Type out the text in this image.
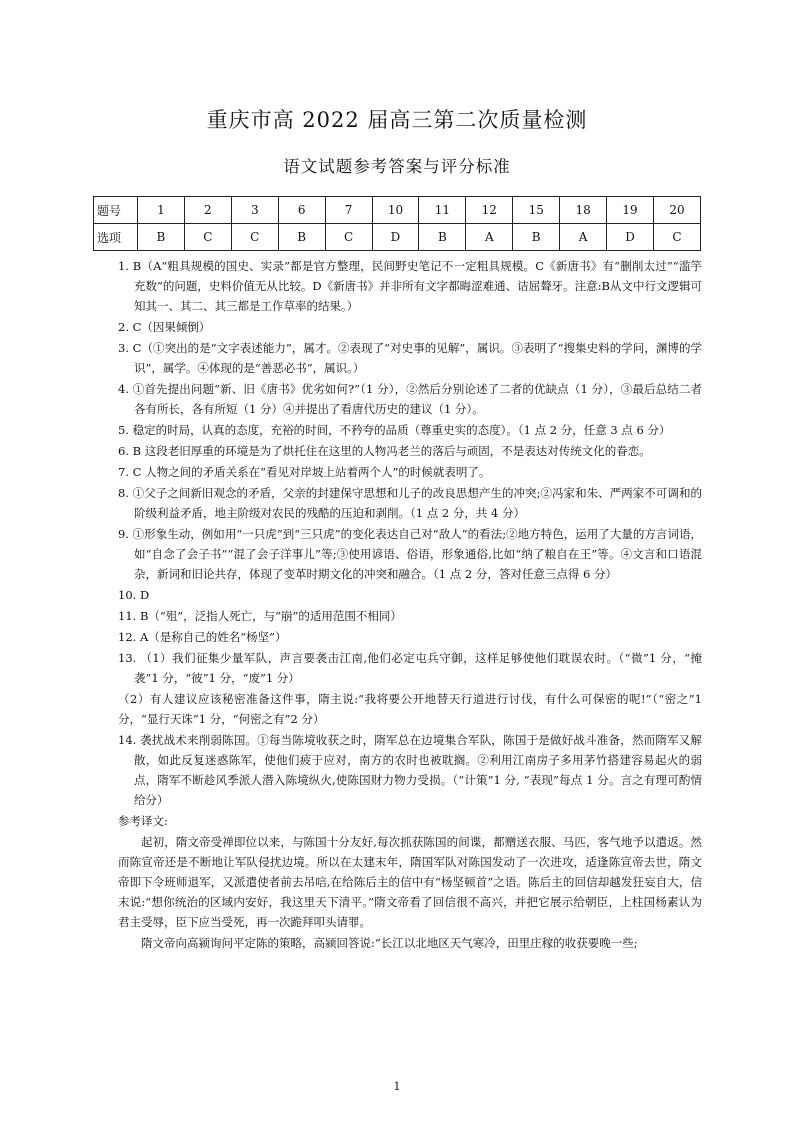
重庆市高 2022 届高三第二次质量检测
语文试题参考答案与评分标准
题号	1	2	3	6	7	10	11	12	15	18	19	20
选项	B	C	C	B	C	D	B	A	B	A	D	C

1. B（A“粗具规模的国史、实录”都是官方整理，民间野史笔记不一定粗具规模。C《新唐书》有“删削太过”“滥竽充数”的问题，史料价值无从比较。D《新唐书》并非所有文字都晦涩难通、诘屈聱牙。注意:B从文中行文逻辑可知其一、其二、其三都是工作草率的结果。）

2. C（因果倾倒）

3. C（①突出的是“文字表述能力”，属才。②表现了“对史事的见解”，属识。③表明了“搜集史料的学问，渊博的学识”，属学。④体现的是“善恶必书”，属识。）

4. ①首先提出问题“新、旧《唐书》优劣如何?”（1 分），②然后分别论述了二者的优缺点（1 分），③最后总结二者各有所长，各有所短（1 分）④并提出了看唐代历史的建议（1 分）。

5. 稳定的时局，认真的态度，充裕的时间，不矜夸的品质（尊重史实的态度）。（1 点 2 分，任意 3 点 6 分）

6. B 这段老旧厚重的环境是为了烘托住在这里的人物冯老兰的落后与顽固，不是表达对传统文化的眷恋。

7. C 人物之间的矛盾关系在“看见对岸坡上站着两个人”的时候就表明了。

8. ①父子之间新旧观念的矛盾，父亲的封建保守思想和儿子的改良思想产生的冲突;②冯家和朱、严两家不可调和的阶级利益矛盾，地主阶级对农民的残酷的压迫和剥削。（1 点 2 分，共 4 分）

9. ①形象生动，例如用“一只虎”到“三只虎”的变化表达自己对“敌人”的看法;②地方特色，运用了大量的方言词语，如“自念了会子书”“混了会子洋事儿”等;③使用谚语、俗语，形象通俗,比如“纳了粮自在王”等。④文言和口语混杂，新词和旧论共存，体现了变革时期文化的冲突和融合。（1 点 2 分，答对任意三点得 6 分）

10. D

11. B（“殂”，泛指人死亡，与“崩”的适用范围不相同）

12. A（是称自己的姓名“杨坚”）

13. （1）我们征集少量军队，声言要袭击江南,他们必定屯兵守御，这样足够使他们耽误农时。（“微”1 分，“掩袭”1 分，“彼”1 分，“废”1 分）

（2）有人建议应该秘密准备这件事，隋主说:“我将要公开地替天行道进行讨伐，有什么可保密的呢!”（“密之”1 分，“显行天诛”1 分，“何密之有”2 分）

14. 袭扰战术来削弱陈国。①每当陈境收获之时，隋军总在边境集合军队，陈国于是做好战斗准备，然而隋军又解散，如此反复迷惑陈军，使他们疲于应对，南方的农时也被耽搁。②利用江南房子多用茅竹搭建容易起火的弱点，隋军不断趁风季派人潜入陈境纵火,使陈国财力物力受损。（“计策”1 分, “表现”每点 1 分。言之有理可酌情给分）

参考译文:

起初，隋文帝受禅即位以来，与陈国十分友好,每次抓获陈国的间谍，都赠送衣服、马匹，客气地予以遣返。然而陈宣帝还是不断地让军队侵扰边境。所以在太建末年，隋国军队对陈国发动了一次进攻，适逢陈宣帝去世，隋文帝即下令班师退军，又派遣使者前去吊唁,在给陈后主的信中有“杨坚顿首”之语。陈后主的回信却越发狂妄自大，信末说:“想你统治的区域内安好，我这里天下清平。”隋文帝看了回信很不高兴，并把它展示给朝臣，上柱国杨素认为君主受辱，臣下应当受死，再一次跪拜叩头请罪。

隋文帝向高颍询问平定陈的策略，高颍回答说:“长江以北地区天气寒冷，田里庄稼的收获要晚一些;

1
